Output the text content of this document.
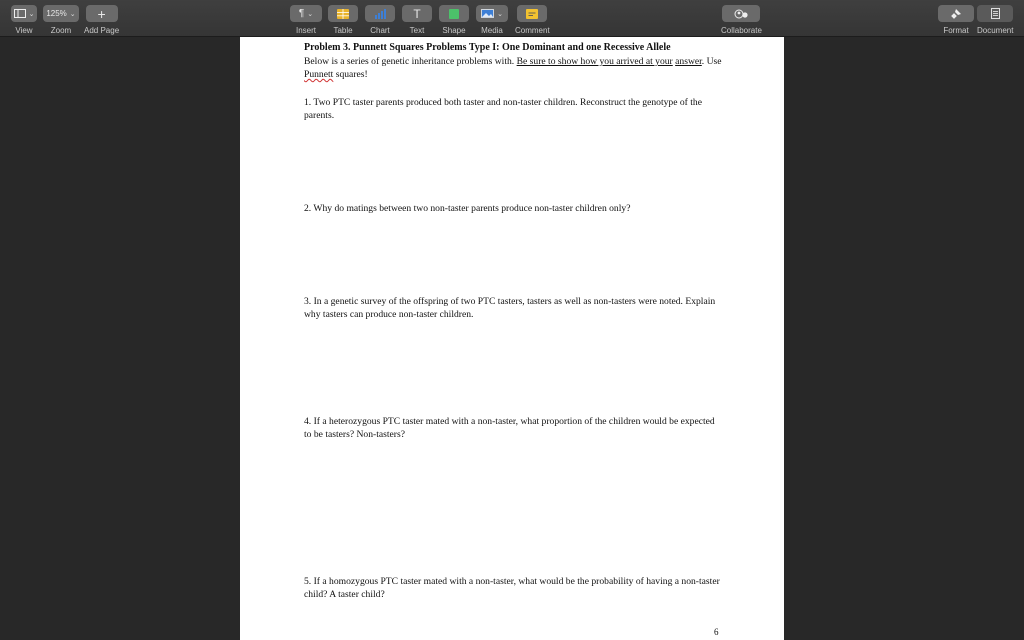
⌄
View
125% ⌄
Zoom
+
Add Page
¶ ⌄
Insert Table Chart
T
Text Shape
⌄
Media Comment	Collaborate	Format Document
Problem 3. Punnett Squares Problems Type I: One Dominant and one Recessive Allele
Below is a series of genetic inheritance problems with. Be sure to show how you arrived at your answer. Use Punnett squares!
1. Two PTC taster parents produced both taster and non-taster children. Reconstruct the genotype of the parents.
2. Why do matings between two non-taster parents produce non-taster children only?
3. In a genetic survey of the offspring of two PTC tasters, tasters as well as non-tasters were noted. Explain why tasters can produce non-taster children.
4. If a heterozygous PTC taster mated with a non-taster, what proportion of the children would be expected to be tasters? Non-tasters?
5. If a homozygous PTC taster mated with a non-taster, what would be the probability of having a non-taster child? A taster child?
6
